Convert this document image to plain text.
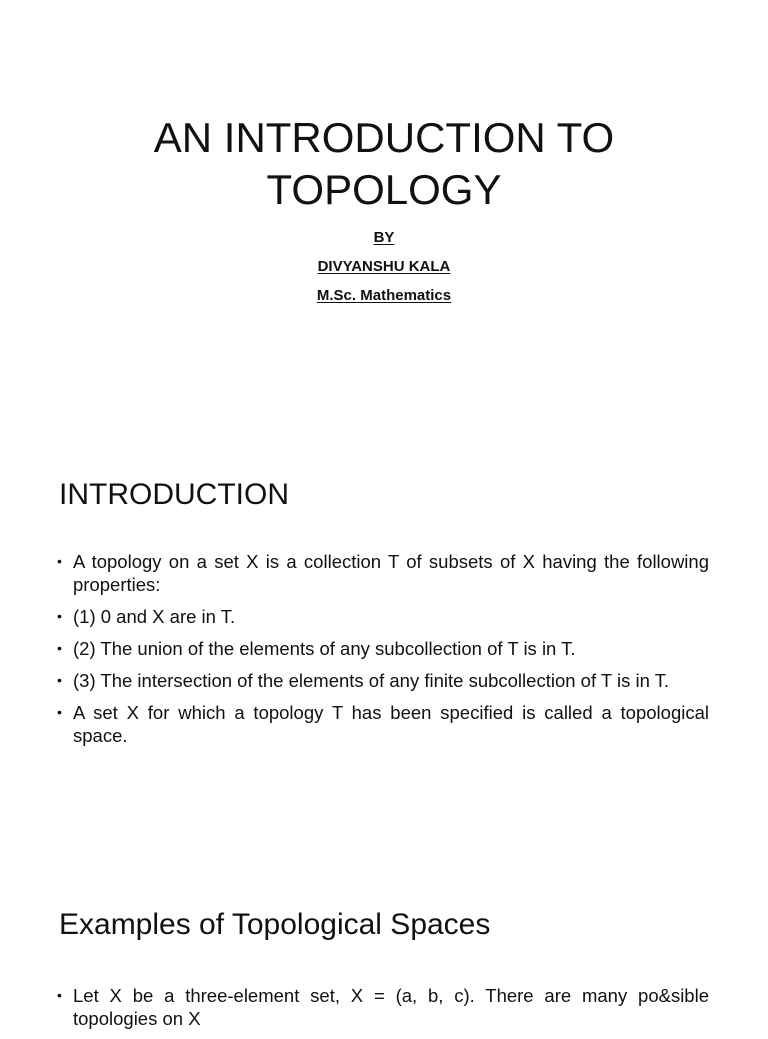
AN INTRODUCTION TO
TOPOLOGY

BY

DIVYANSHU KALA

M.Sc. Mathematics

INTRODUCTION
• A topology on a set X is a collection T of subsets of X having the following properties:
• (1) 0 and X are in T.
• (2) The union of the elements of any subcollection of T is in T.
• (3) The intersection of the elements of any finite subcollection of T is in T.
• A set X for which a topology T has been specified is called a topological space.
Examples of Topological Spaces
• Let X be a three-element set, X = (a, b, c). There are many po&sible topologies on X
